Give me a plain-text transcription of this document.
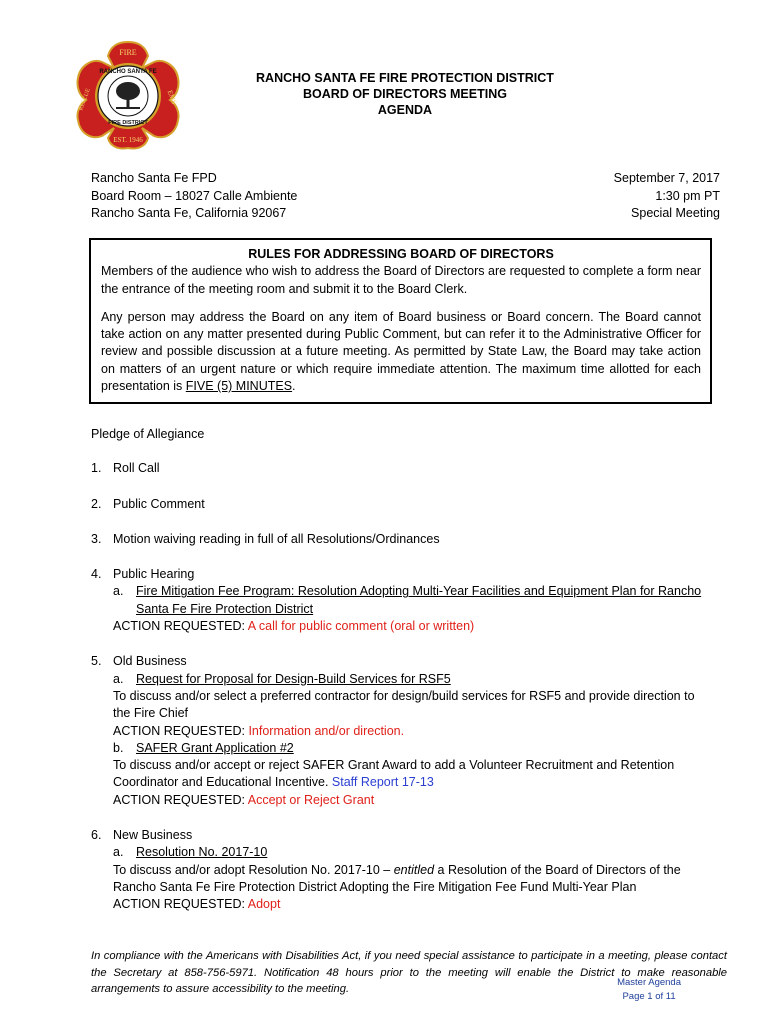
RANCHO SANTA FE
FIRE DISTRICT
FIRE
RESCUE	EMS
EST. 1946
RANCHO SANTA FE FIRE PROTECTION DISTRICT
BOARD OF DIRECTORS MEETING
AGENDA
Rancho Santa Fe FPD
Board Room – 18027 Calle Ambiente
Rancho Santa Fe, California 92067
September 7, 2017
1:30 pm PT
Special Meeting
RULES FOR ADDRESSING BOARD OF DIRECTORS

Members of the audience who wish to address the Board of Directors are requested to complete a form near the entrance of the meeting room and submit it to the Board Clerk.

Any person may address the Board on any item of Board business or Board concern. The Board cannot take action on any matter presented during Public Comment, but can refer it to the Administrative Officer for review and possible discussion at a future meeting. As permitted by State Law, the Board may take action on matters of an urgent nature or which require immediate attention. The maximum time allotted for each presentation is FIVE (5) MINUTES.

Pledge of Allegiance
1. Roll Call
2. Public Comment
3. Motion waiving reading in full of all Resolutions/Ordinances
4. Public Hearing
a. Fire Mitigation Fee Program: Resolution Adopting Multi-Year Facilities and Equipment Plan for Rancho
Santa Fe Fire Protection District
ACTION REQUESTED: A call for public comment (oral or written)
5. Old Business
a. Request for Proposal for Design-Build Services for RSF5
To discuss and/or select a preferred contractor for design/build services for RSF5 and provide direction to
the Fire Chief
ACTION REQUESTED: Information and/or direction.
b. SAFER Grant Application #2
To discuss and/or accept or reject SAFER Grant Award to add a Volunteer Recruitment and Retention
Coordinator and Educational Incentive. Staff Report 17-13
ACTION REQUESTED: Accept or Reject Grant
6. New Business
a. Resolution No. 2017-10
To discuss and/or adopt Resolution No. 2017-10 – entitled a Resolution of the Board of Directors of the
Rancho Santa Fe Fire Protection District Adopting the Fire Mitigation Fee Fund Multi-Year Plan
ACTION REQUESTED: Adopt
In compliance with the Americans with Disabilities Act, if you need special assistance to participate in a meeting, please contact the Secretary at 858-756-5971. Notification 48 hours prior to the meeting will enable the District to make reasonable arrangements to assure accessibility to the meeting.
Master Agenda
Page 1 of 11
